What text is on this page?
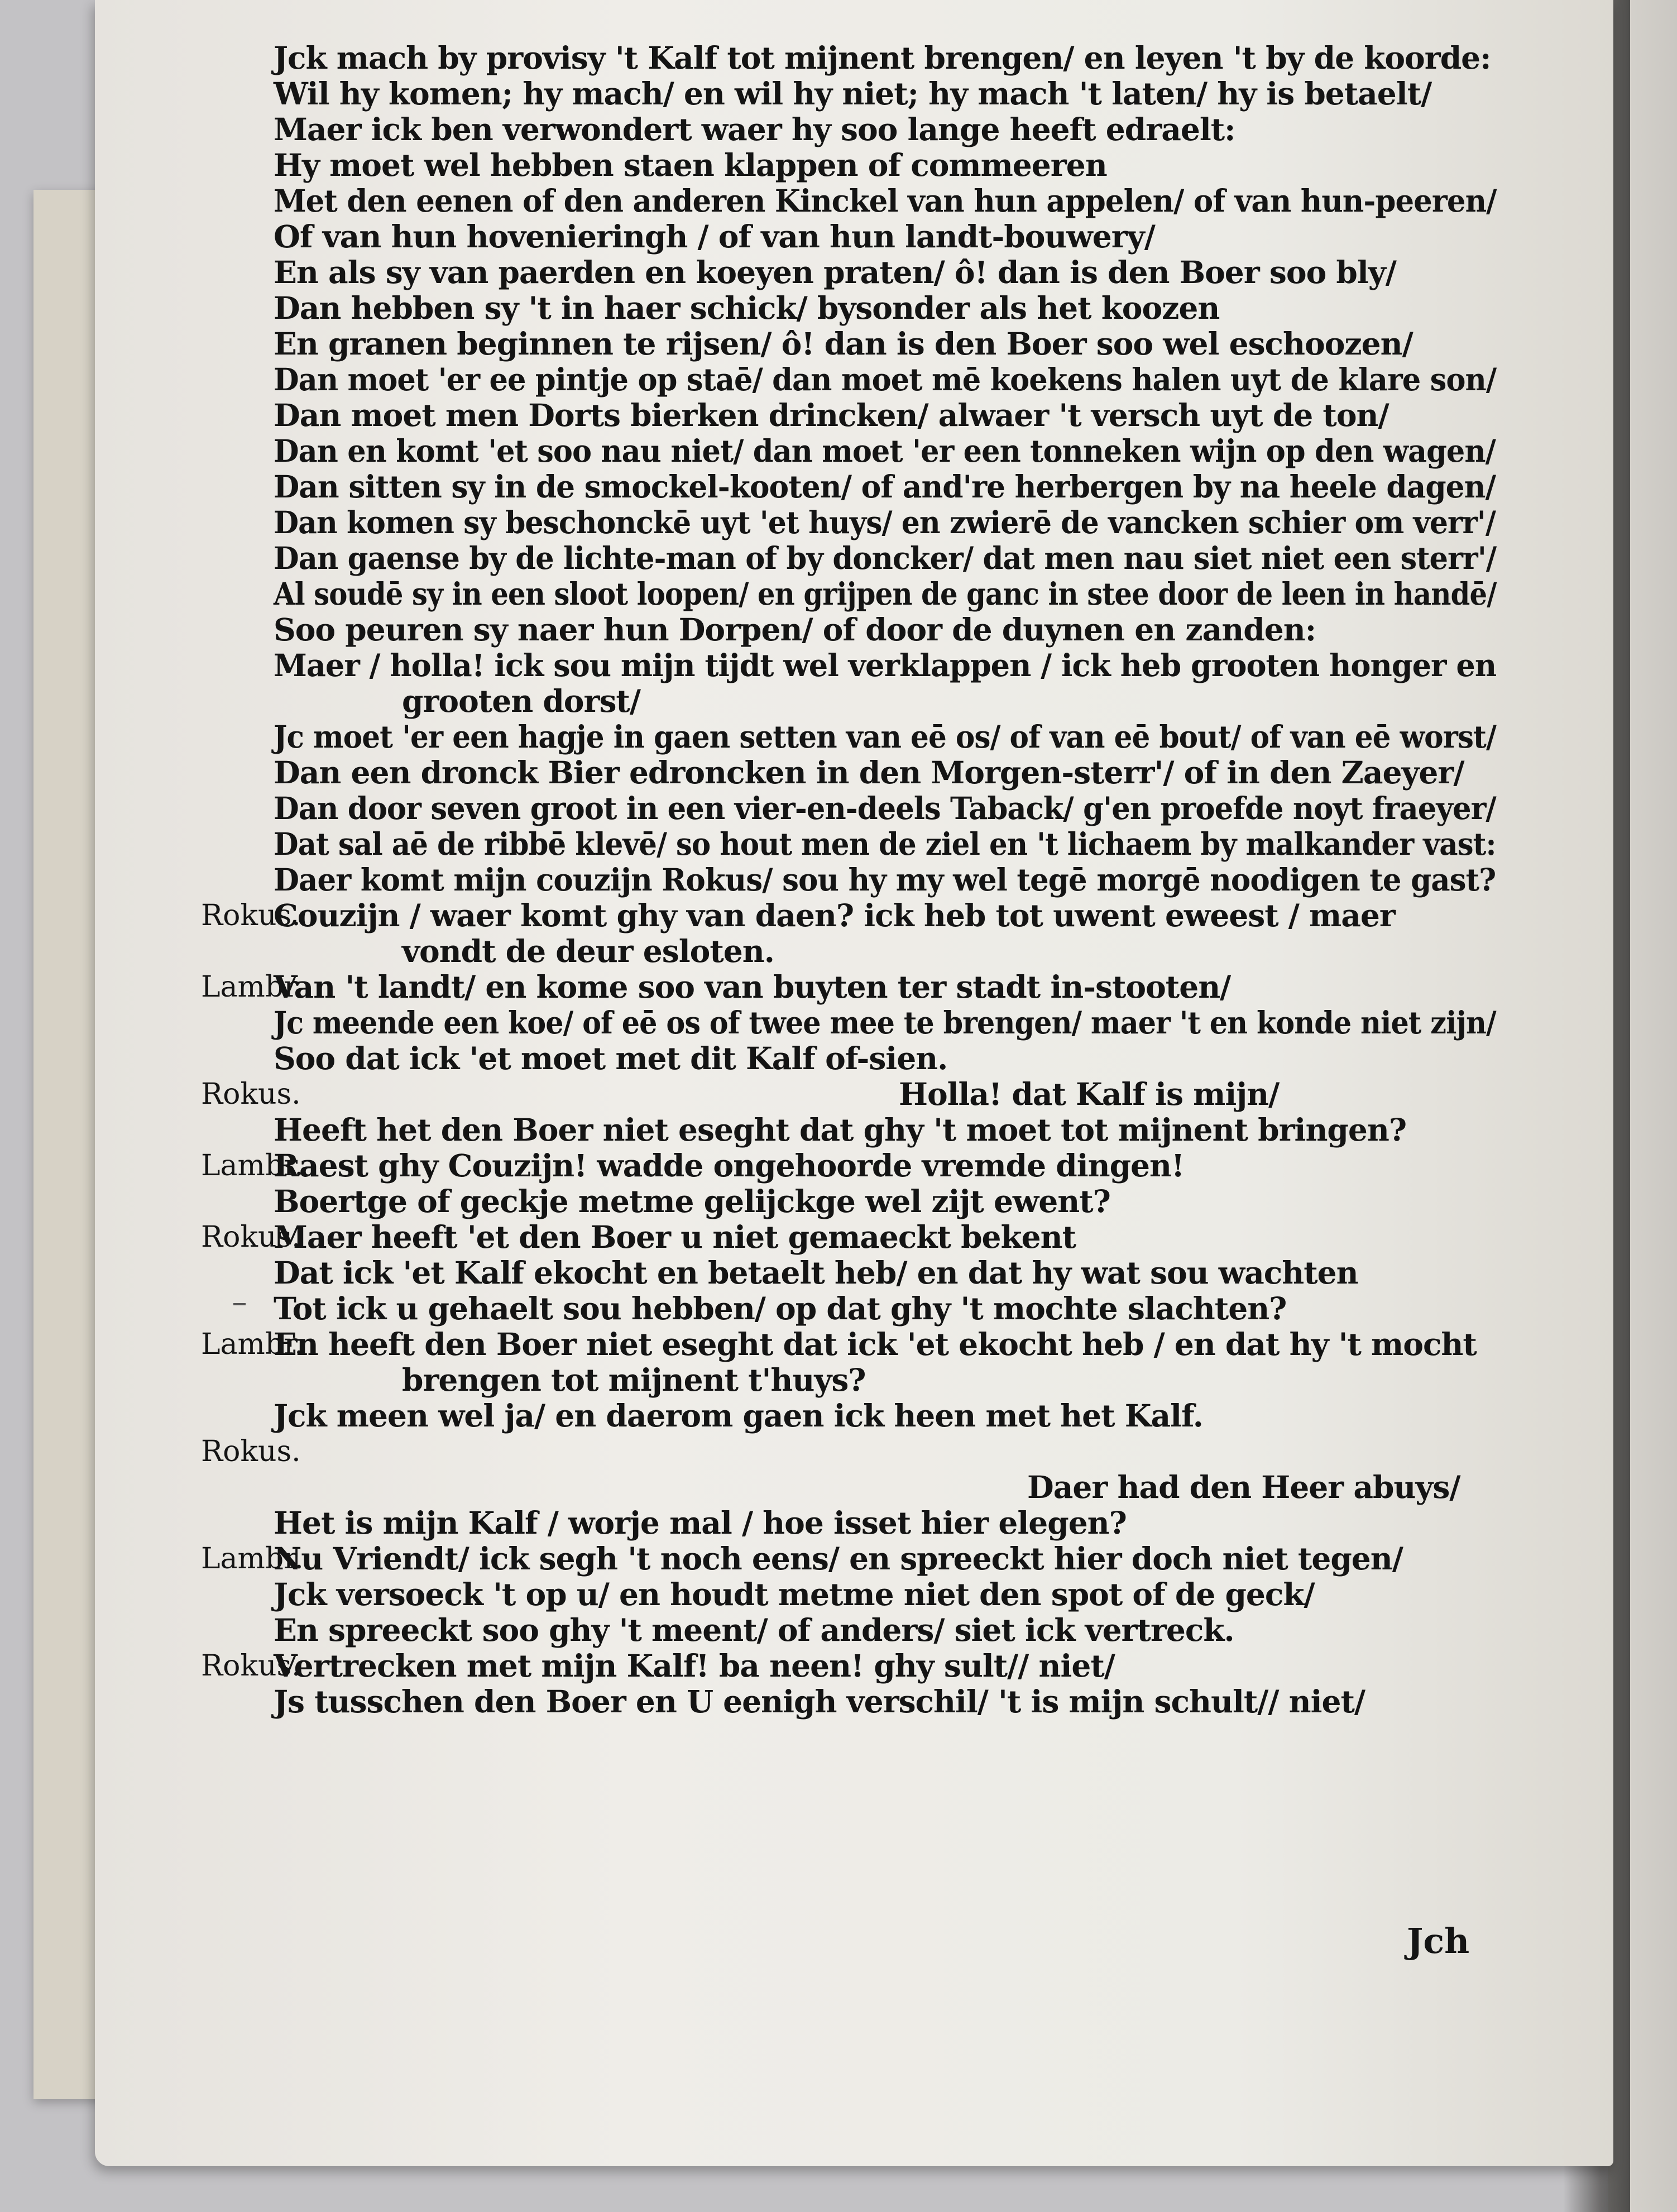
Jck mach by provisy 't Kalf tot mijnent brengen/ en leyen 't by de koorde:
Wil hy komen; hy mach/ en wil hy niet; hy mach 't laten/ hy is betaelt/
Maer ick ben verwondert waer hy soo lange heeft edraelt:
Hy moet wel hebben staen klappen of commeeren
Met den eenen of den anderen Kinckel van hun appelen/ of van hun-peeren/
Of van hun hovenieringh / of van hun landt-bouwery/
En als sy van paerden en koeyen praten/ ô! dan is den Boer soo bly/
Dan hebben sy 't in haer schick/ bysonder als het koozen
En granen beginnen te rijsen/ ô! dan is den Boer soo wel eschoozen/
Dan moet 'er ee pintje op staē/ dan moet mē koekens halen uyt de klare son/
Dan moet men Dorts bierken drincken/ alwaer 't versch uyt de ton/
Dan en komt 'et soo nau niet/ dan moet 'er een tonneken wijn op den wagen/
Dan sitten sy in de smockel-kooten/ of and're herbergen by na heele dagen/
Dan komen sy beschonckē uyt 'et huys/ en zwierē de vancken schier om verr'/
Dan gaense by de lichte-man of by doncker/ dat men nau siet niet een sterr'/
Al soudē sy in een sloot loopen/ en grijpen de ganc in stee door de leen in handē/
Soo peuren sy naer hun Dorpen/ of door de duynen en zanden:
Maer / holla! ick sou mijn tijdt wel verklappen / ick heb grooten honger en
grooten dorst/
Jc moet 'er een hagje in gaen setten van eē os/ of van eē bout/ of van eē worst/
Dan een dronck Bier edroncken in den Morgen-sterr'/ of in den Zaeyer/
Dan door seven groot in een vier-en-deels Taback/ g'en proefde noyt fraeyer/
Dat sal aē de ribbē klevē/ so hout men de ziel en 't lichaem by malkander vast:
Daer komt mijn couzijn Rokus/ sou hy my wel tegē morgē noodigen te gast?
Rokus.
Couzijn / waer komt ghy van daen? ick heb tot uwent eweest / maer
vondt de deur esloten.
Lambr.
Van 't landt/ en kome soo van buyten ter stadt in-stooten/
Jc meende een koe/ of eē os of twee mee te brengen/ maer 't en konde niet zijn/
Soo dat ick 'et moet met dit Kalf of-sien.
Rokus.	Holla! dat Kalf is mijn/
Heeft het den Boer niet eseght dat ghy 't moet tot mijnent bringen?
Lambr.
Raest ghy Couzijn! wadde ongehoorde vremde dingen!
Boertge of geckje metme gelijckge wel zijt ewent?
Rokus.
Maer heeft 'et den Boer u niet gemaeckt bekent
Dat ick 'et Kalf ekocht en betaelt heb/ en dat hy wat sou wachten
Tot ick u gehaelt sou hebben/ op dat ghy 't mochte slachten?
Lambr.
En heeft den Boer niet eseght dat ick 'et ekocht heb / en dat hy 't mocht
brengen tot mijnent t'huys?
Jck meen wel ja/ en daerom gaen ick heen met het Kalf.
Rokus.
Daer had den Heer abuys/
Het is mijn Kalf / worje mal / hoe isset hier elegen?
Lambr.
Nu Vriendt/ ick segh 't noch eens/ en spreeckt hier doch niet tegen/
Jck versoeck 't op u/ en houdt metme niet den spot of de geck/
En spreeckt soo ghy 't meent/ of anders/ siet ick vertreck.
Rokus.
Vertrecken met mijn Kalf! ba neen! ghy sult// niet/
Js tusschen den Boer en U eenigh verschil/ 't is mijn schult// niet/
Jch
